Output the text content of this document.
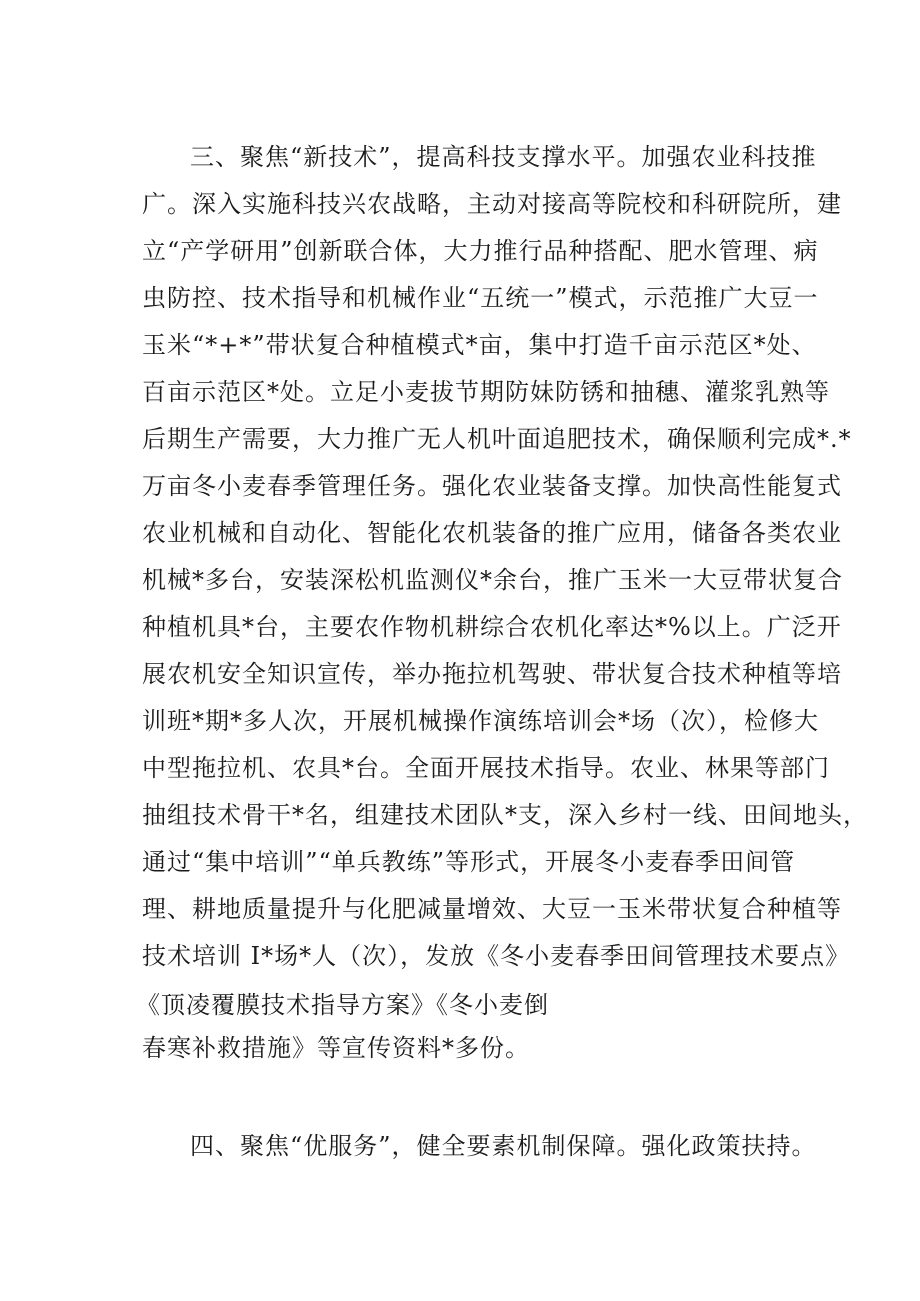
三、聚焦“新技术”，提高科技支撑水平。加强农业科技推
广。深入实施科技兴农战略，主动对接高等院校和科研院所，建
立“产学研用”创新联合体，大力推行品种搭配、肥水管理、病
虫防控、技术指导和机械作业“五统一”模式，示范推广大豆一
玉米“*+*”带状复合种植模式*亩，集中打造千亩示范区*处、
百亩示范区*处。立足小麦拔节期防妹防锈和抽穗、灌浆乳熟等
后期生产需要，大力推广无人机叶面追肥技术，确保顺利完成*.*
万亩冬小麦春季管理任务。强化农业装备支撑。加快高性能复式
农业机械和自动化、智能化农机装备的推广应用，储备各类农业
机械*多台，安装深松机监测仪*余台，推广玉米一大豆带状复合
种植机具*台，主要农作物机耕综合农机化率达*%以上。广泛开
展农机安全知识宣传，举办拖拉机驾驶、带状复合技术种植等培
训班*期*多人次，开展机械操作演练培训会*场（次），检修大
中型拖拉机、农具*台。全面开展技术指导。农业、林果等部门
抽组技术骨干*名，组建技术团队*支，深入乡村一线、田间地头，
通过“集中培训”“单兵教练”等形式，开展冬小麦春季田间管
理、耕地质量提升与化肥减量增效、大豆一玉米带状复合种植等
技术培训 I*场*人（次），发放《冬小麦春季田间管理技术要点》
《顶凌覆膜技术指导方案》《冬小麦倒
春寒补救措施》等宣传资料*多份。
四、聚焦“优服务”，健全要素机制保障。强化政策扶持。
